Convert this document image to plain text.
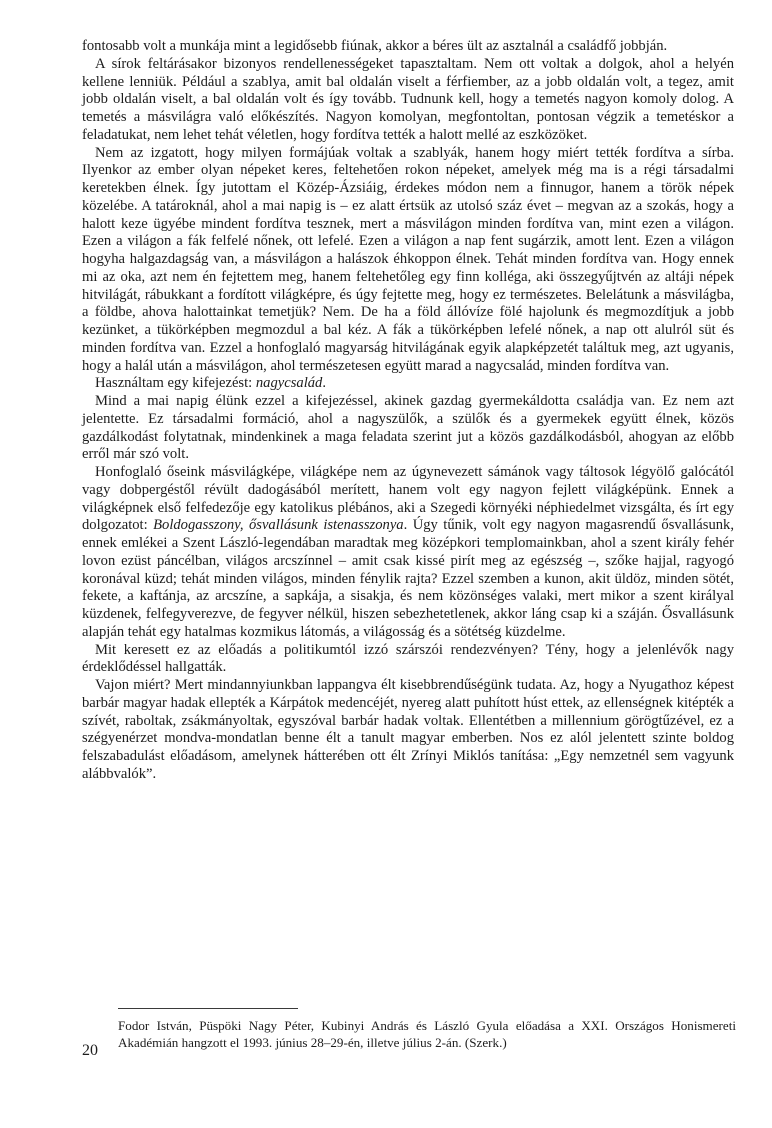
fontosabb volt a munkája mint a legidősebb fiúnak, akkor a béres ült az asztalnál a családfő jobbján.

A sírok feltárásakor bizonyos rendellenességeket tapasztaltam. Nem ott voltak a dolgok, ahol a helyén kellene lenniük. Például a szablya, amit bal oldalán viselt a férfiember, az a jobb oldalán volt, a tegez, amit jobb oldalán viselt, a bal oldalán volt és így tovább. Tudnunk kell, hogy a temetés nagyon komoly dolog. A temetés a másvilágra való előkészítés. Nagyon komolyan, megfontoltan, pontosan végzik a temetéskor a feladatukat, nem lehet tehát véletlen, hogy fordítva tették a halott mellé az eszközöket.

Nem az izgatott, hogy milyen formájúak voltak a szablyák, hanem hogy miért tették fordítva a sírba. Ilyenkor az ember olyan népeket keres, feltehetően rokon népeket, amelyek még ma is a régi társadalmi keretekben élnek. Így jutottam el Közép-Ázsiáig, érdekes módon nem a finnugor, hanem a török népek közelébe. A tatároknál, ahol a mai napig is – ez alatt értsük az utolsó száz évet – megvan az a szokás, hogy a halott keze ügyébe mindent fordítva tesznek, mert a másvilágon minden fordítva van, mint ezen a világon. Ezen a világon a fák felfelé nőnek, ott lefelé. Ezen a világon a nap fent sugárzik, amott lent. Ezen a világon hogyha halgazdagság van, a másvilágon a halászok éhkoppon élnek. Tehát minden fordítva van. Hogy ennek mi az oka, azt nem én fejtettem meg, hanem feltehetőleg egy finn kolléga, aki összegyűjtvén az altáji népek hitvilágát, rábukkant a fordított világképre, és úgy fejtette meg, hogy ez természetes. Belelátunk a másvilágba, a földbe, ahova halottainkat temetjük? Nem. De ha a föld állóvíze fölé hajolunk és megmozdítjuk a jobb kezünket, a tükörképben megmozdul a bal kéz. A fák a tükörképben lefelé nőnek, a nap ott alulról süt és minden fordítva van. Ezzel a honfoglaló magyarság hitvilágának egyik alapképzetét találtuk meg, azt ugyanis, hogy a halál után a másvilágon, ahol természetesen együtt marad a nagycsalád, minden fordítva van.

Használtam egy kifejezést: nagycsalád.

Mind a mai napig élünk ezzel a kifejezéssel, akinek gazdag gyermekáldotta családja van. Ez nem azt jelentette. Ez társadalmi formáció, ahol a nagyszülők, a szülők és a gyermekek együtt élnek, közös gazdálkodást folytatnak, mindenkinek a maga feladata szerint jut a közös gazdálkodásból, ahogyan az előbb erről már szó volt.

Honfoglaló őseink másvilágképe, világképe nem az úgynevezett sámánok vagy táltosok légyölő galócától vagy dobpergéstől révült dadogásából merített, hanem volt egy nagyon fejlett világképünk. Ennek a világképnek első felfedezője egy katolikus plébános, aki a Szegedi környéki néphiedelmet vizsgálta, és írt egy dolgozatot: Boldogasszony, ősvallásunk istenasszonya. Úgy tűnik, volt egy nagyon magasrendű ősvallásunk, ennek emlékei a Szent László-legendában maradtak meg középkori templomainkban, ahol a szent király fehér lovon ezüst páncélban, világos arcszínnel – amit csak kissé pirít meg az egészség –, szőke hajjal, ragyogó koronával küzd; tehát minden világos, minden fénylik rajta? Ezzel szemben a kunon, akit üldöz, minden sötét, fekete, a kaftánja, az arcszíne, a sapkája, a sisakja, és nem közönséges valaki, mert mikor a szent királyal küzdenek, felfegyverezve, de fegyver nélkül, hiszen sebezhetetlenek, akkor láng csap ki a száján. Ősvallásunk alapján tehát egy hatalmas kozmikus látomás, a világosság és a sötétség küzdelme.

Mit keresett ez az előadás a politikumtól izzó szárszói rendezvényen? Tény, hogy a jelenlévők nagy érdeklődéssel hallgatták.

Vajon miért? Mert mindannyiunkban lappangva élt kisebbrendűségünk tudata. Az, hogy a Nyugathoz képest barbár magyar hadak ellepték a Kárpátok medencéjét, nyereg alatt puhított húst ettek, az ellenségnek kitépték a szívét, raboltak, zsákmányoltak, egyszóval barbár hadak voltak. Ellentétben a millennium görögtűzével, ez a szégyenérzet mondva-mondatlan benne élt a tanult magyar emberben. Nos ez alól jelentett szinte boldog felszabadulást előadásom, amelynek hátterében ott élt Zrínyi Miklós tanítása: „Egy nemzetnél sem vagyunk alábbvalók”.

Fodor István, Püspöki Nagy Péter, Kubinyi András és László Gyula előadása a XXI. Országos Honismereti Akadémián hangzott el 1993. június 28–29-én, illetve július 2-án. (Szerk.)
20
